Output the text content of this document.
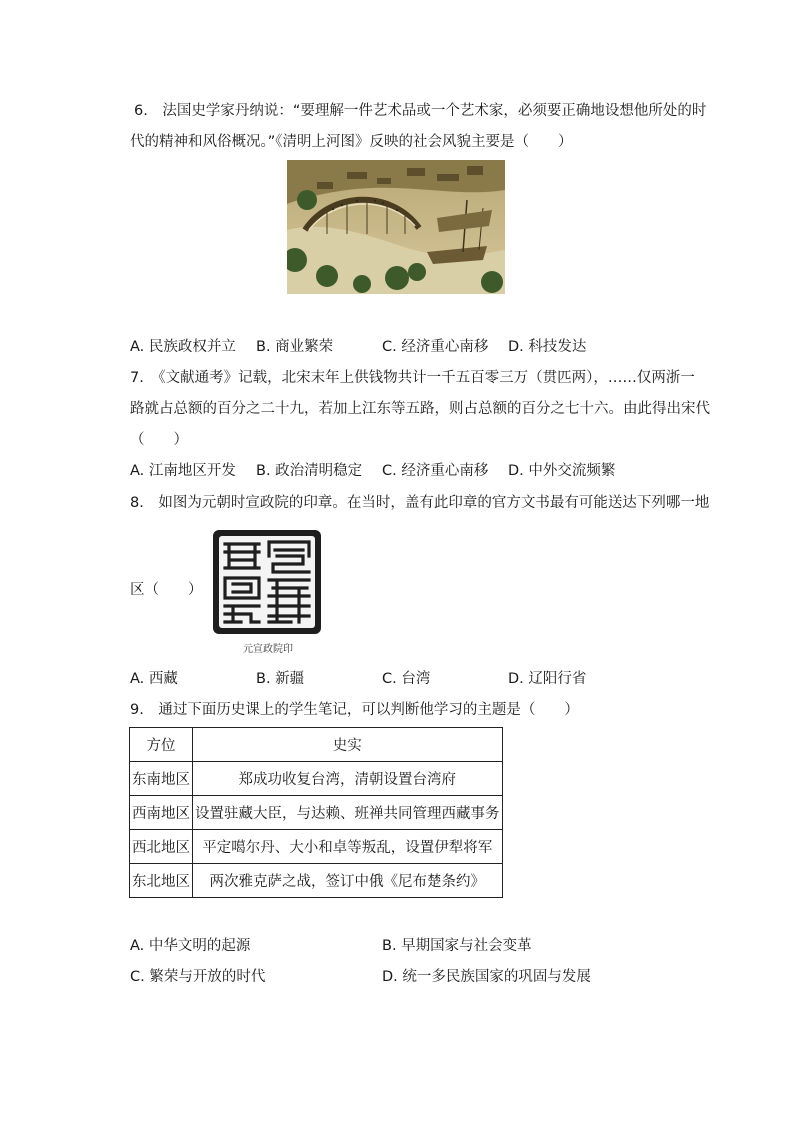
6.　法国史学家丹纳说：“要理解一件艺术品或一个艺术家，必须要正确地设想他所处的时
代的精神和风俗概况。”《清明上河图》反映的社会风貌主要是（　　）
A. 民族政权并立 B. 商业繁荣	C. 经济重心南移 D. 科技发达
7.　《文献通考》记载，北宋末年上供钱物共计一千五百零三万（贯匹两），……仅两浙一
路就占总额的百分之二十九，若加上江东等五路，则占总额的百分之七十六。由此得出宋代
（　　）
A. 江南地区开发 B. 政治清明稳定 C. 经济重心南移 D. 中外交流频繁
8.　如图为元朝时宣政院的印章。在当时，盖有此印章的官方文书最有可能送达下列哪一地
区（　　）
元宣政院印
A. 西藏	B. 新疆	C. 台湾	D. 辽阳行省
9.　通过下面历史课上的学生笔记，可以判断他学习的主题是（　　）
方位	史实
东南地区	郑成功收复台湾，清朝设置台湾府
西南地区	设置驻藏大臣，与达赖、班禅共同管理西藏事务
西北地区	平定噶尔丹、大小和卓等叛乱，设置伊犁将军
东北地区	两次雅克萨之战，签订中俄《尼布楚条约》
A. 中华文明的起源	B. 早期国家与社会变革
C. 繁荣与开放的时代	D. 统一多民族国家的巩固与发展
